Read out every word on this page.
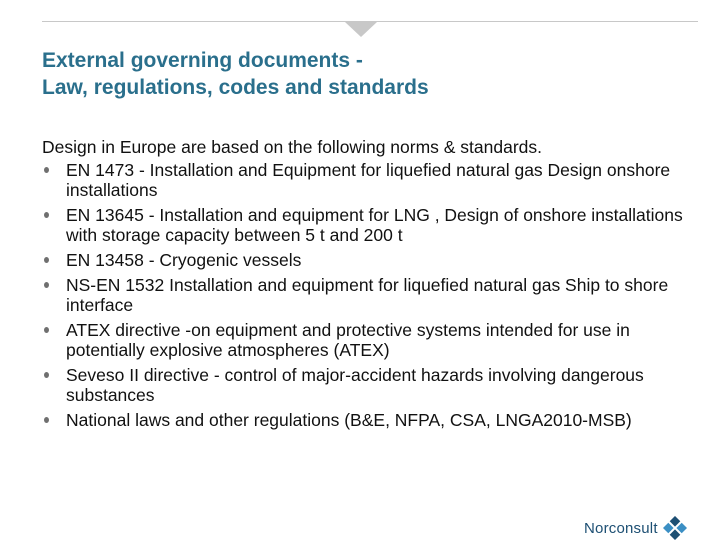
External governing documents -
Law, regulations, codes and standards

Design in Europe are based on the following norms & standards.

EN 1473 - Installation and Equipment for liquefied natural gas Design onshore installations
EN 13645 - Installation and equipment for LNG , Design of onshore installations with storage capacity between 5 t and 200 t
EN 13458 - Cryogenic vessels
NS-EN 1532 Installation and equipment for liquefied natural gas Ship to shore interface
ATEX directive -on equipment and protective systems intended for use in potentially explosive atmospheres (ATEX)
Seveso II directive - control of major-accident hazards involving dangerous substances
National laws and other regulations (B&E, NFPA, CSA, LNGA2010-MSB)
Norconsult
